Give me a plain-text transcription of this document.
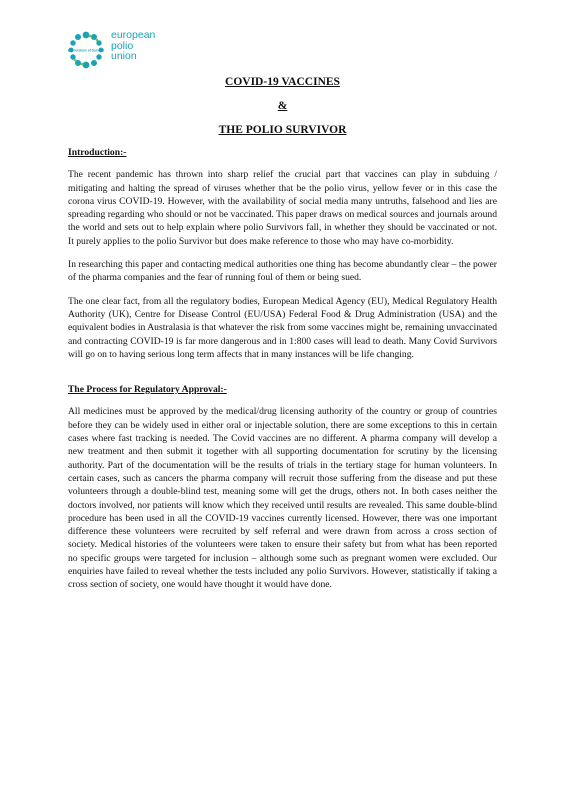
Cornerstone of Survival
european
polio
union
COVID-19 VACCINES
&
THE POLIO SURVIVOR
Introduction:-

The recent pandemic has thrown into sharp relief the crucial part that vaccines can play in subduing / mitigating and halting the spread of viruses whether that be the polio virus, yellow fever or in this case the corona virus COVID-19. However, with the availability of social media many untruths, falsehood and lies are spreading regarding who should or not be vaccinated. This paper draws on medical sources and journals around the world and sets out to help explain where polio Survivors fall, in whether they should be vaccinated or not. It purely applies to the polio Survivor but does make reference to those who may have co-morbidity.

In researching this paper and contacting medical authorities one thing has become abundantly clear – the power of the pharma companies and the fear of running foul of them or being sued.

The one clear fact, from all the regulatory bodies, European Medical Agency (EU), Medical Regulatory Health Authority (UK), Centre for Disease Control (EU/USA) Federal Food & Drug Administration (USA) and the equivalent bodies in Australasia is that whatever the risk from some vaccines might be, remaining unvaccinated and contracting COVID-19 is far more dangerous and in 1:800 cases will lead to death. Many Covid Survivors will go on to having serious long term affects that in many instances will be life changing.

The Process for Regulatory Approval:-

All medicines must be approved by the medical/drug licensing authority of the country or group of countries before they can be widely used in either oral or injectable solution, there are some exceptions to this in certain cases where fast tracking is needed. The Covid vaccines are no different. A pharma company will develop a new treatment and then submit it together with all supporting documentation for scrutiny by the licensing authority. Part of the documentation will be the results of trials in the tertiary stage for human volunteers. In certain cases, such as cancers the pharma company will recruit those suffering from the disease and put these volunteers through a double-blind test, meaning some will get the drugs, others not. In both cases neither the doctors involved, nor patients will know which they received until results are revealed. This same double-blind procedure has been used in all the COVID-19 vaccines currently licensed. However, there was one important difference these volunteers were recruited by self referral and were drawn from across a cross section of society. Medical histories of the volunteers were taken to ensure their safety but from what has been reported no specific groups were targeted for inclusion – although some such as pregnant women were excluded. Our enquiries have failed to reveal whether the tests included any polio Survivors. However, statistically if taking a cross section of society, one would have thought it would have done.
